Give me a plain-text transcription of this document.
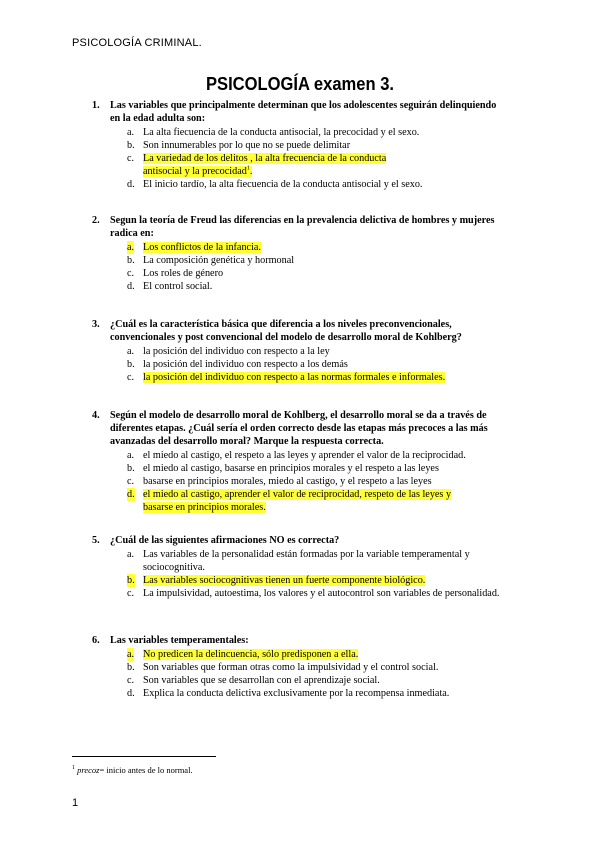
PSICOLOGÍA CRIMINAL.
PSICOLOGÍA examen 3.
1. Las variables que principalmente determinan que los adolescentes seguirán delinquiendo en la edad adulta son:
a. La alta fiecuencia de la conducta antisocial, la precocidad y el sexo.
b. Son innumerables por lo que no se puede delimitar
c. La variedad de los delitos , la alta frecuencia de la conducta antisocial y la precocidad$^1$.
d. El inicio tardío, la alta fiecuencia de la conducta antisocial y el sexo.
2. Segun la teoría de Freud las diferencias en la prevalencia delictiva de hombres y mujeres radica en:
a. Los conflictos de la infancia.
b. La composición genética y hormonal
c. Los roles de género
d. El control social.
3. ¿Cuál es la característica básica que diferencia a los niveles preconvencionales, convencionales y post convencional del modelo de desarrollo moral de Kohlberg?
a. la posición del individuo con respecto a la ley
b. la posición del individuo con respecto a los demás
c. la posición del individuo con respecto a las normas formales e informales.
4. Según el modelo de desarrollo moral de Kohlberg, el desarrollo moral se da a través de diferentes etapas. ¿Cuál sería el orden correcto desde las etapas más precoces a las más avanzadas del desarrollo moral? Marque la respuesta correcta.
a. el miedo al castigo, el respeto a las leyes y aprender el valor de la reciprocidad.
b. el miedo al castigo, basarse en principios morales y el respeto a las leyes
c. basarse en principios morales, miedo al castigo, y el respeto a las leyes
d. el miedo al castigo, aprender el valor de reciprocidad, respeto de las leyes y basarse en principios morales.
5. ¿Cuál de las siguientes afirmaciones NO es correcta?
a. Las variables de la personalidad están formadas por la variable temperamental y sociocognitiva.
b. Las variables sociocognitivas tienen un fuerte componente biológico.
c. La impulsividad, autoestima, los valores y el autocontrol son variables de personalidad.
6. Las variables temperamentales:
a. No predicen la delincuencia, sólo predisponen a ella.
b. Son variables que forman otras como la impulsividad y el control social.
c. Son variables que se desarrollan con el aprendizaje social.
d. Explica la conducta delictiva exclusivamente por la recompensa inmediata.
$^1$ precoz= inicio antes de lo normal.
1
